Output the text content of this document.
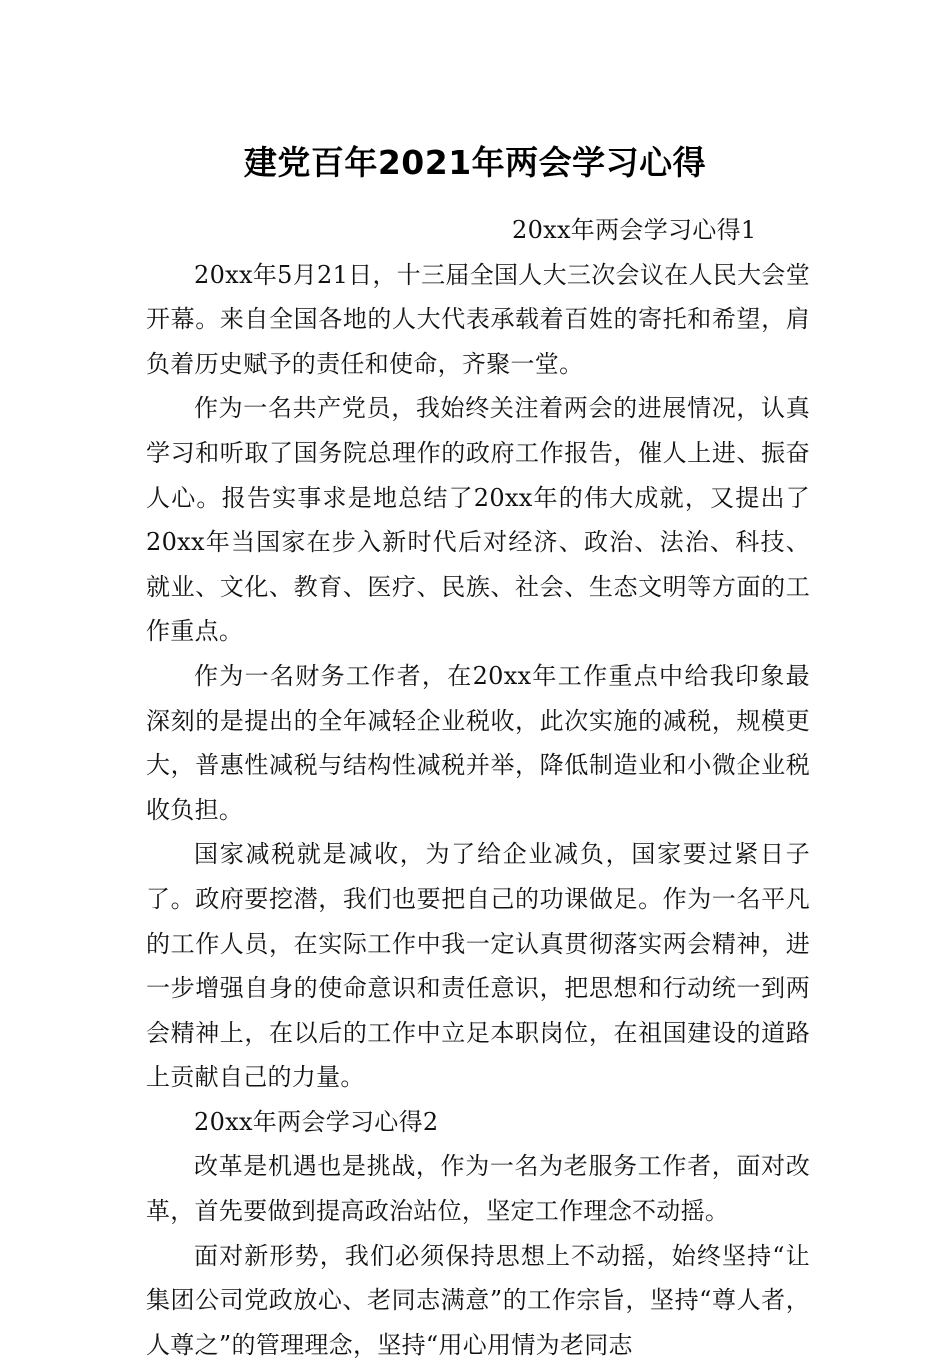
建党百年2021年两会学习心得

20xx年两会学习心得1

20xx年5月21日，十三届全国人大三次会议在人民大会堂开幕。来自全国各地的人大代表承载着百姓的寄托和希望，肩负着历史赋予的责任和使命，齐聚一堂。

作为一名共产党员，我始终关注着两会的进展情况，认真学习和听取了国务院总理作的政府工作报告，催人上进、振奋人心。报告实事求是地总结了20xx年的伟大成就，又提出了20xx年当国家在步入新时代后对经济、政治、法治、科技、就业、文化、教育、医疗、民族、社会、生态文明等方面的工作重点。

作为一名财务工作者，在20xx年工作重点中给我印象最深刻的是提出的全年减轻企业税收，此次实施的减税，规模更大，普惠性减税与结构性减税并举，降低制造业和小微企业税收负担。

国家减税就是减收，为了给企业减负，国家要过紧日子了。政府要挖潜，我们也要把自己的功课做足。作为一名平凡的工作人员，在实际工作中我一定认真贯彻落实两会精神，进一步增强自身的使命意识和责任意识，把思想和行动统一到两会精神上，在以后的工作中立足本职岗位，在祖国建设的道路上贡献自己的力量。

20xx年两会学习心得2

改革是机遇也是挑战，作为一名为老服务工作者，面对改革，首先要做到提高政治站位，坚定工作理念不动摇。

面对新形势，我们必须保持思想上不动摇，始终坚持“让集团公司党政放心、老同志满意”的工作宗旨，坚持“尊人者，人尊之”的管理理念，坚持“用心用情为老同志
